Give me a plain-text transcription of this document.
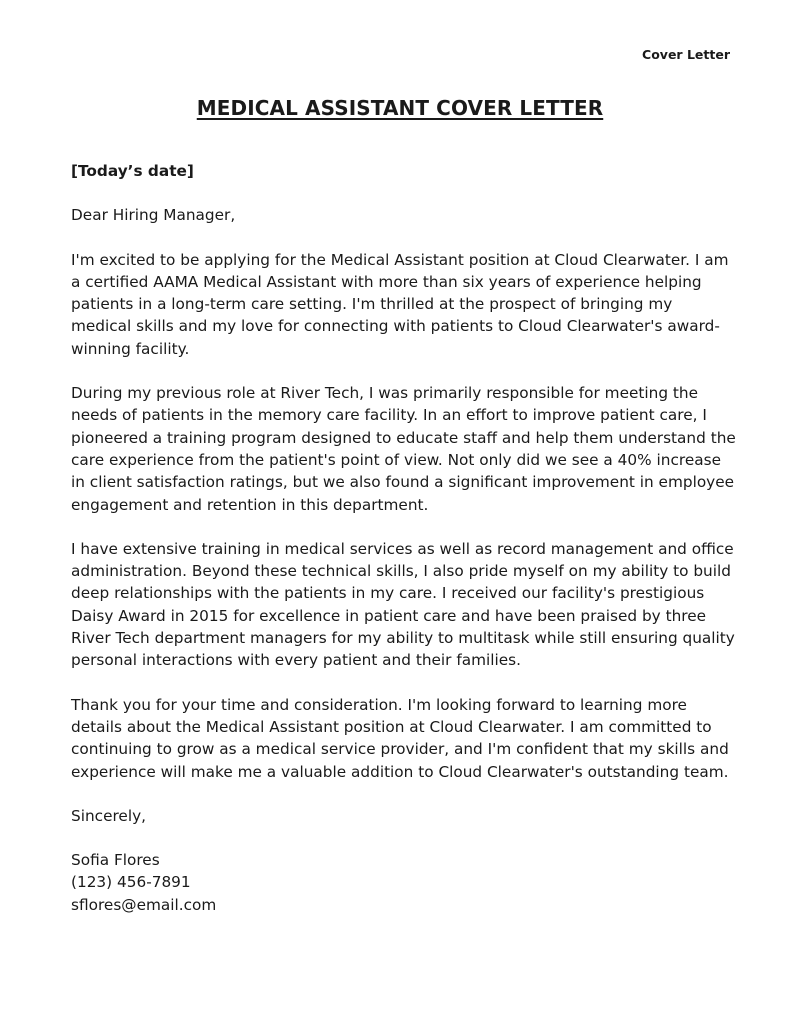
Cover Letter
MEDICAL ASSISTANT COVER LETTER
[Today’s date]
Dear Hiring Manager,

I'm excited to be applying for the Medical Assistant position at Cloud Clearwater. I am a certified AAMA Medical Assistant with more than six years of experience helping patients in a long-term care setting. I'm thrilled at the prospect of bringing my medical skills and my love for connecting with patients to Cloud Clearwater's award-winning facility.

During my previous role at River Tech, I was primarily responsible for meeting the needs of patients in the memory care facility. In an effort to improve patient care, I pioneered a training program designed to educate staff and help them understand the care experience from the patient's point of view. Not only did we see a 40% increase in client satisfaction ratings, but we also found a significant improvement in employee engagement and retention in this department.

I have extensive training in medical services as well as record management and office administration. Beyond these technical skills, I also pride myself on my ability to build deep relationships with the patients in my care. I received our facility's prestigious Daisy Award in 2015 for excellence in patient care and have been praised by three River Tech department managers for my ability to multitask while still ensuring quality personal interactions with every patient and their families.

Thank you for your time and consideration. I'm looking forward to learning more details about the Medical Assistant position at Cloud Clearwater. I am committed to continuing to grow as a medical service provider, and I'm confident that my skills and experience will make me a valuable addition to Cloud Clearwater's outstanding team.

Sincerely,
Sofia Flores
(123) 456-7891
sflores@email.com
